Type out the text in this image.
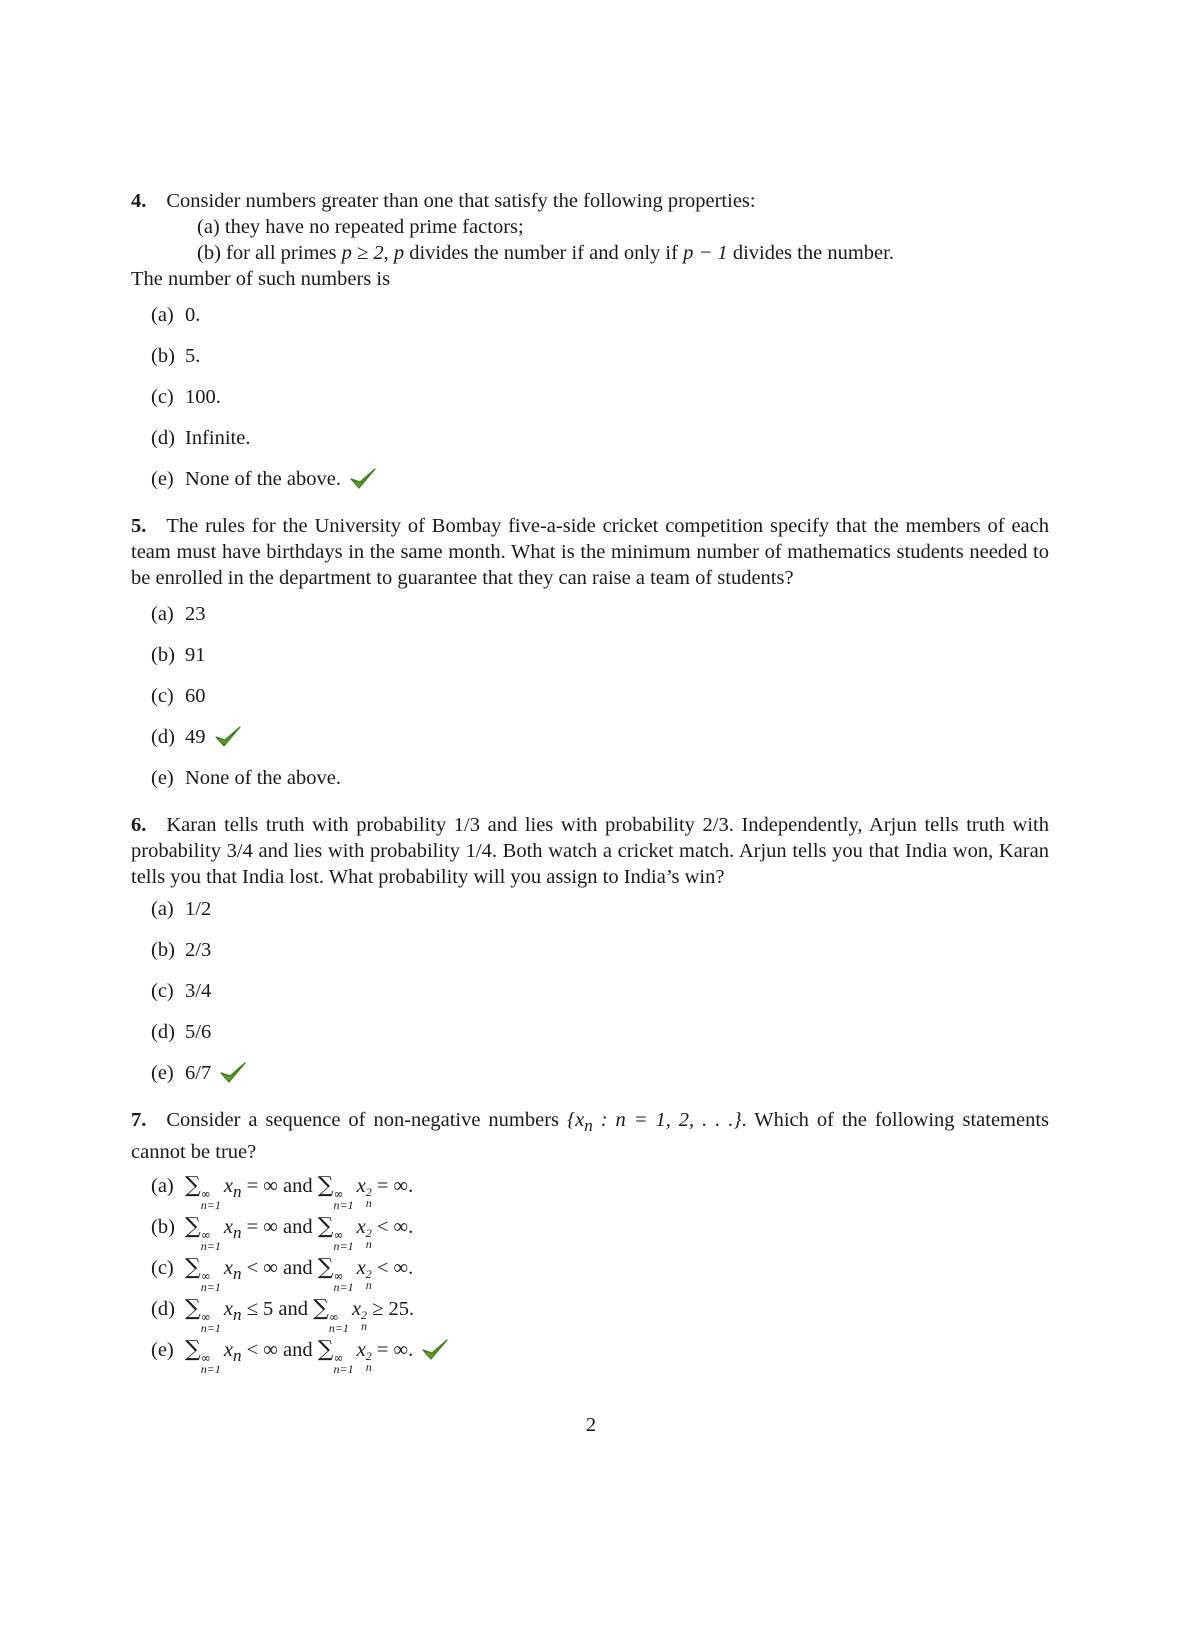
4. Consider numbers greater than one that satisfy the following properties:

(a) they have no repeated prime factors;

(b) for all primes p ≥ 2, p divides the number if and only if p − 1 divides the number.

The number of such numbers is

(a) 0.
(b) 5.
(c) 100.
(d) Infinite.
(e) None of the above.

5. The rules for the University of Bombay five-a-side cricket competition specify that the members of each team must have birthdays in the same month. What is the minimum number of mathematics students needed to be enrolled in the department to guarantee that they can raise a team of students?

(a) 23
(b) 91
(c) 60
(d) 49
(e) None of the above.

6. Karan tells truth with probability 1/3 and lies with probability 2/3. Independently, Arjun tells truth with probability 3/4 and lies with probability 1/4. Both watch a cricket match. Arjun tells you that India won, Karan tells you that India lost. What probability will you assign to India’s win?

(a) 1/2
(b) 2/3
(c) 3/4
(d) 5/6
(e) 6/7

7. Consider a sequence of non-negative numbers {$x_n$ : n = 1, 2, . . .}. Which of the following statements cannot be true?

(a) ∑ ∞
n=1
$x_n$ = ∞ and ∑ ∞
n=1
x 2
n
= ∞.
(b) ∑ ∞
n=1
$x_n$ = ∞ and ∑ ∞
n=1
x 2
n
< ∞.
(c) ∑ ∞
n=1
$x_n$ < ∞ and ∑ ∞
n=1
x 2
n
< ∞.
(d) ∑ ∞
n=1
$x_n \le 5$ and ∑ ∞
n=1
x 2
n
≥ 25.
(e) ∑ ∞
n=1
$x_n$ < ∞ and ∑ ∞
n=1
x 2
n
= ∞.
2
